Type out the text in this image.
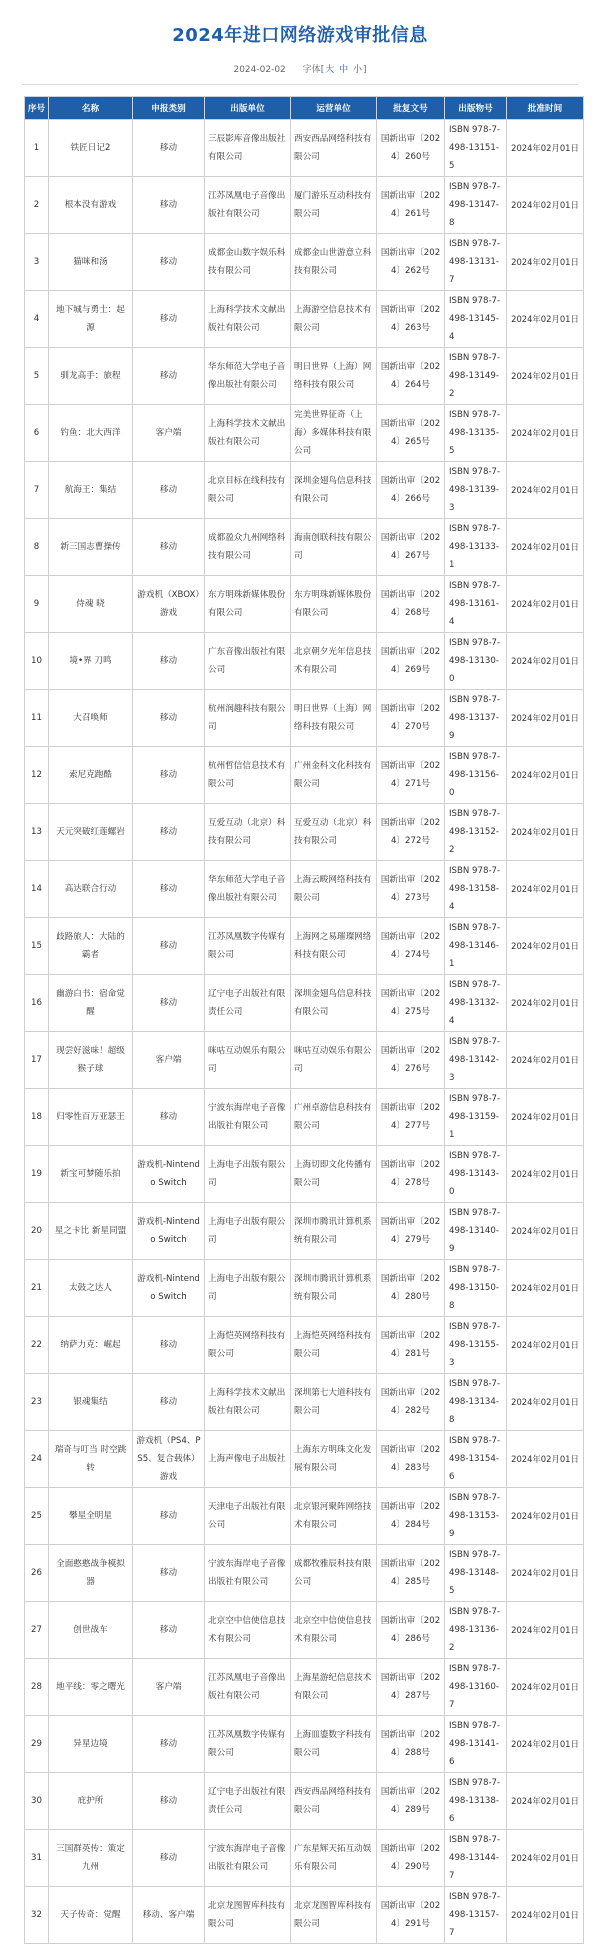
2024年进口网络游戏审批信息
2024-02-02 字体[大 中 小]
序号	名称	申报类别	出版单位	运营单位	批复文号	出版物号	批准时间
1	铁匠日记2	移动	三辰影库音像出版社有限公司	西安西品网络科技有限公司	国新出审〔2024〕260号	ISBN 978-7-498-13151-5	2024年02月01日
2	根本没有游戏	移动	江苏凤凰电子音像出版社有限公司	厦门游乐互动科技有限公司	国新出审〔2024〕261号	ISBN 978-7-498-13147-8	2024年02月01日
3	猫咪和汤	移动	成都金山数字娱乐科技有限公司	成都金山世游意立科技有限公司	国新出审〔2024〕262号	ISBN 978-7-498-13131-7	2024年02月01日
4	地下城与勇士：起源	移动	上海科学技术文献出版社有限公司	上海游空信息技术有限公司	国新出审〔2024〕263号	ISBN 978-7-498-13145-4	2024年02月01日
5	驯龙高手：旅程	移动	华东师范大学电子音像出版社有限公司	明日世界（上海）网络科技有限公司	国新出审〔2024〕264号	ISBN 978-7-498-13149-2	2024年02月01日
6	钓鱼：北大西洋	客户端	上海科学技术文献出版社有限公司	完美世界征奇（上海）多媒体科技有限公司	国新出审〔2024〕265号	ISBN 978-7-498-13135-5	2024年02月01日
7	航海王：集结	移动	北京目标在线科技有限公司	深圳金翅鸟信息科技有限公司	国新出审〔2024〕266号	ISBN 978-7-498-13139-3	2024年02月01日
8	新三国志曹操传	移动	成都盈众九州网络科技有限公司	海南创联科技有限公司	国新出审〔2024〕267号	ISBN 978-7-498-13133-1	2024年02月01日
9	侍魂 晓	游戏机（XBOX）游戏	东方明珠新媒体股份有限公司	东方明珠新媒体股份有限公司	国新出审〔2024〕268号	ISBN 978-7-498-13161-4	2024年02月01日
10	境•界 刀鸣	移动	广东音像出版社有限公司	北京朝夕光年信息技术有限公司	国新出审〔2024〕269号	ISBN 978-7-498-13130-0	2024年02月01日
11	大召唤师	移动	杭州润趣科技有限公司	明日世界（上海）网络科技有限公司	国新出审〔2024〕270号	ISBN 978-7-498-13137-9	2024年02月01日
12	索尼克跑酷	移动	杭州哲信信息技术有限公司	广州金科文化科技有限公司	国新出审〔2024〕271号	ISBN 978-7-498-13156-0	2024年02月01日
13	天元突破红莲螺岩	移动	互爱互动（北京）科技有限公司	互爱互动（北京）科技有限公司	国新出审〔2024〕272号	ISBN 978-7-498-13152-2	2024年02月01日
14	高达联合行动	移动	华东师范大学电子音像出版社有限公司	上海云畯网络科技有限公司	国新出审〔2024〕273号	ISBN 978-7-498-13158-4	2024年02月01日
15	歧路旅人：大陆的霸者	移动	江苏凤凰数字传媒有限公司	上海网之易璀璨网络科技有限公司	国新出审〔2024〕274号	ISBN 978-7-498-13146-1	2024年02月01日
16	幽游白书：宿命觉醒	移动	辽宁电子出版社有限责任公司	深圳金翅鸟信息科技有限公司	国新出审〔2024〕275号	ISBN 978-7-498-13132-4	2024年02月01日
17	现尝好滋味！超级猴子球	客户端	咪咕互动娱乐有限公司	咪咕互动娱乐有限公司	国新出审〔2024〕276号	ISBN 978-7-498-13142-3	2024年02月01日
18	归零性百万亚瑟王	移动	宁波东海岸电子音像出版社有限公司	广州卓游信息科技有限公司	国新出审〔2024〕277号	ISBN 978-7-498-13159-1	2024年02月01日
19	新宝可梦随乐拍	游戏机-Nintendo Switch	上海电子出版有限公司	上海切即文化传播有限公司	国新出审〔2024〕278号	ISBN 978-7-498-13143-0	2024年02月01日
20	星之卡比 新星同盟	游戏机-Nintendo Switch	上海电子出版有限公司	深圳市腾讯计算机系统有限公司	国新出审〔2024〕279号	ISBN 978-7-498-13140-9	2024年02月01日
21	太鼓之达人	游戏机-Nintendo Switch	上海电子出版有限公司	深圳市腾讯计算机系统有限公司	国新出审〔2024〕280号	ISBN 978-7-498-13150-8	2024年02月01日
22	纳萨力克：崛起	移动	上海恺英网络科技有限公司	上海恺英网络科技有限公司	国新出审〔2024〕281号	ISBN 978-7-498-13155-3	2024年02月01日
23	银魂集结	移动	上海科学技术文献出版社有限公司	深圳第七大道科技有限公司	国新出审〔2024〕282号	ISBN 978-7-498-13134-8	2024年02月01日
24	瑞奇与叮当 时空跳转	游戏机（PS4、PS5、复合载体）游戏	上海声像电子出版社	上海东方明珠文化发展有限公司	国新出审〔2024〕283号	ISBN 978-7-498-13154-6	2024年02月01日
25	攀星全明星	移动	天津电子出版社有限公司	北京银河聚阵网络技术有限公司	国新出审〔2024〕284号	ISBN 978-7-498-13153-9	2024年02月01日
26	全面憨憨战争模拟器	移动	宁波东海岸电子音像出版社有限公司	成都牧雅辰科技有限公司	国新出审〔2024〕285号	ISBN 978-7-498-13148-5	2024年02月01日
27	创世战车	移动	北京空中信使信息技术有限公司	北京空中信使信息技术有限公司	国新出审〔2024〕286号	ISBN 978-7-498-13136-2	2024年02月01日
28	地平线：零之曙光	客户端	江苏凤凰电子音像出版社有限公司	上海星游纪信息技术有限公司	国新出审〔2024〕287号	ISBN 978-7-498-13160-7	2024年02月01日
29	异星边境	移动	江苏凤凰数字传媒有限公司	上海皿鎏数字科技有限公司	国新出审〔2024〕288号	ISBN 978-7-498-13141-6	2024年02月01日
30	庇护所	移动	辽宁电子出版社有限责任公司	西安西品网络科技有限公司	国新出审〔2024〕289号	ISBN 978-7-498-13138-6	2024年02月01日
31	三国群英传：策定九州	移动	宁波东海岸电子音像出版社有限公司	广东星辉天拓互动娱乐有限公司	国新出审〔2024〕290号	ISBN 978-7-498-13144-7	2024年02月01日
32	天子传奇：觉醒	移动、客户端	北京龙图智库科技有限公司	北京龙图智库科技有限公司	国新出审〔2024〕291号	ISBN 978-7-498-13157-7	2024年02月01日
